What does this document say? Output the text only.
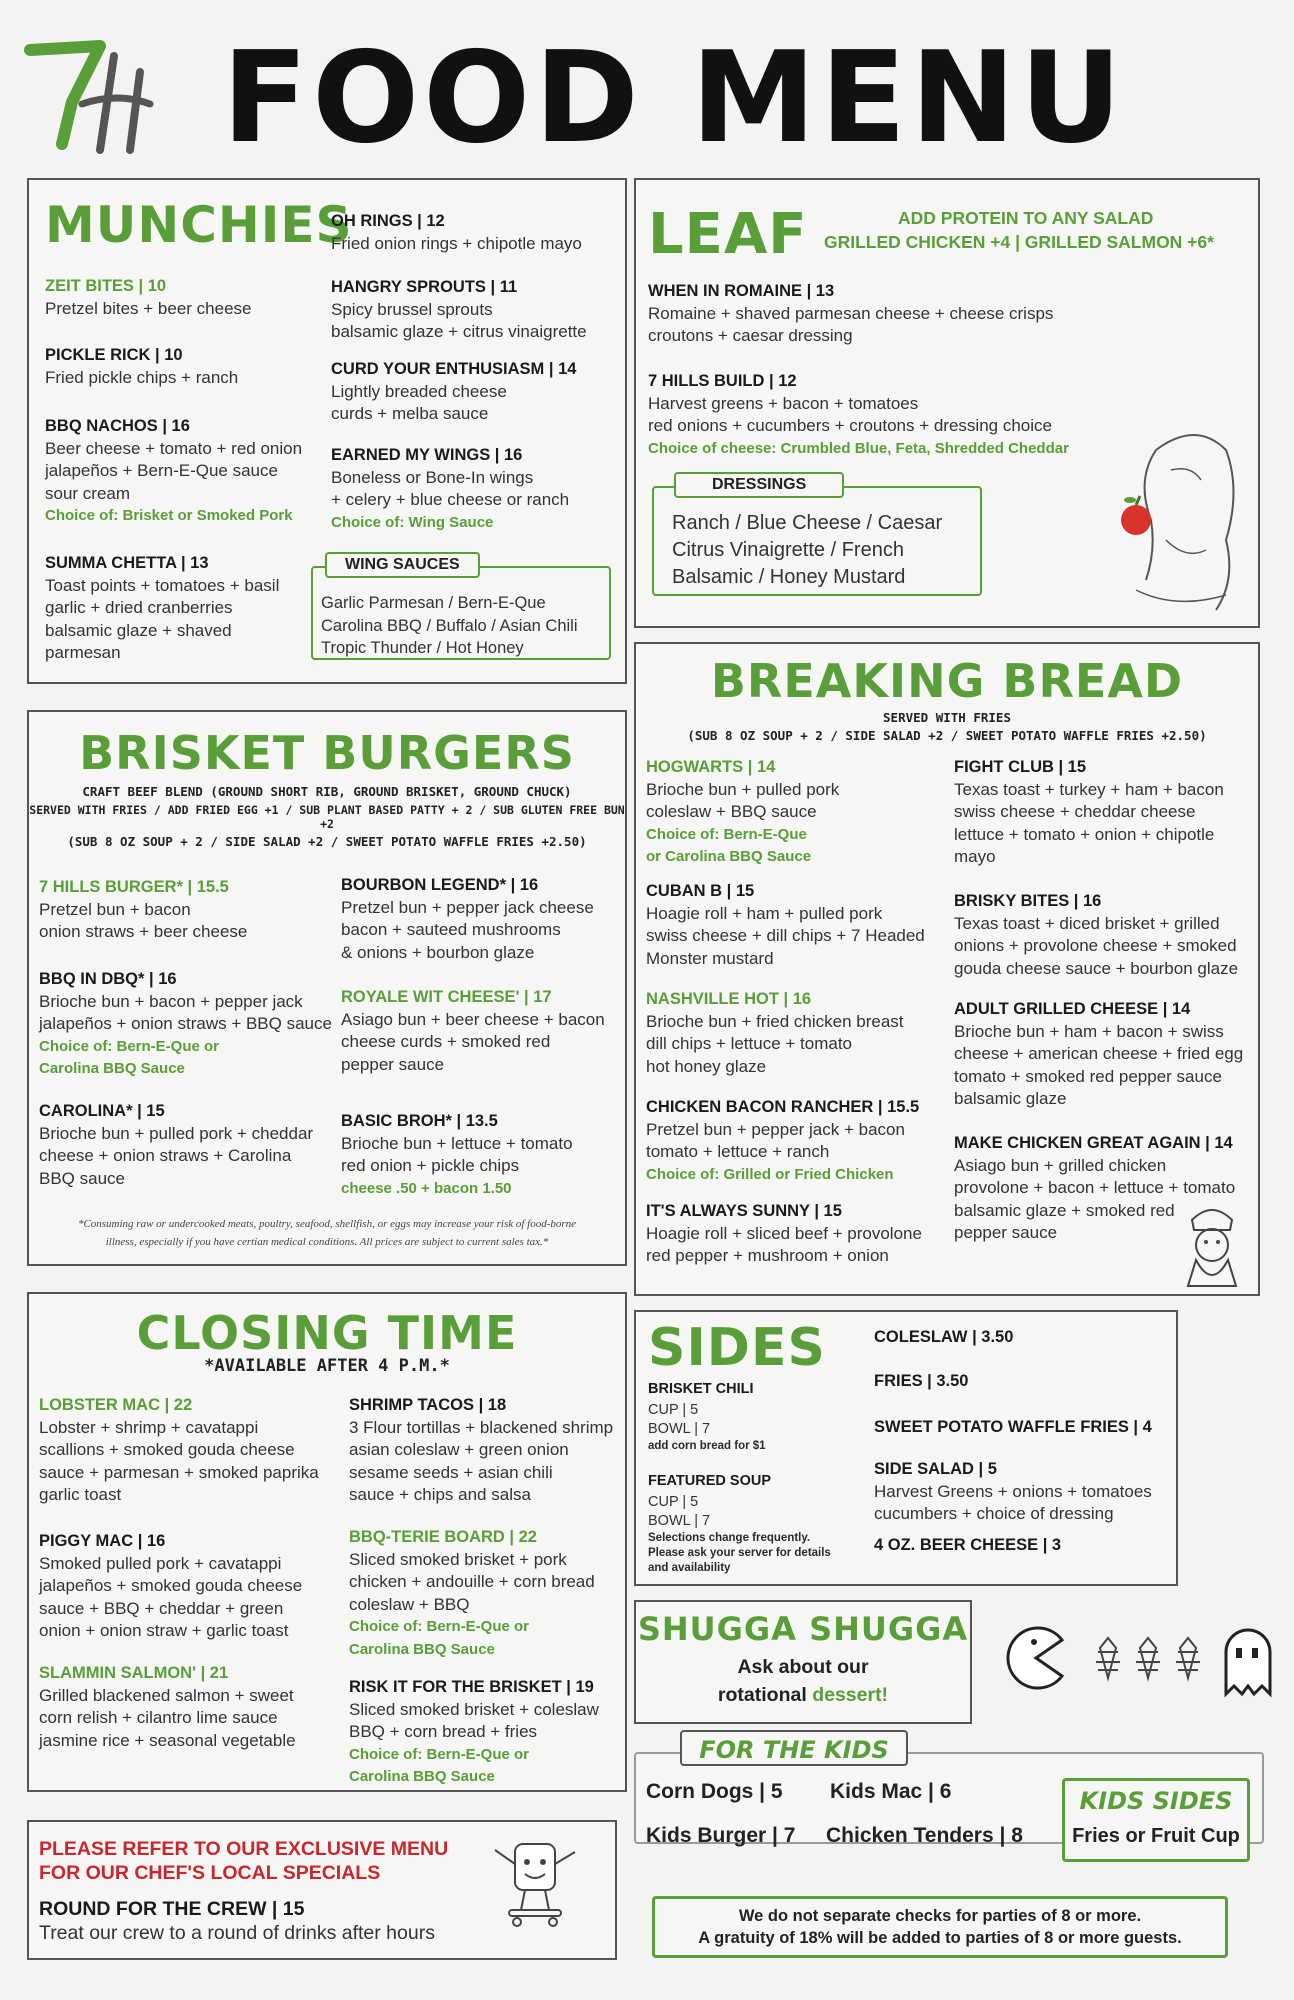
FOOD MENU
MUNCHIES
ZEIT BITES | 10
Pretzel bites + beer cheese
PICKLE RICK | 10
Fried pickle chips + ranch
BBQ NACHOS | 16
Beer cheese + tomato + red onion
jalapeños + Bern-E-Que sauce
sour cream
Choice of: Brisket or Smoked Pork
SUMMA CHETTA | 13
Toast points + tomatoes + basil
garlic + dried cranberries
balsamic glaze + shaved
parmesan
OH RINGS | 12
Fried onion rings + chipotle mayo
HANGRY SPROUTS | 11
Spicy brussel sprouts
balsamic glaze + citrus vinaigrette
CURD YOUR ENTHUSIASM | 14
Lightly breaded cheese
curds + melba sauce
EARNED MY WINGS | 16
Boneless or Bone-In wings
+ celery + blue cheese or ranch
Choice of: Wing Sauce
WING SAUCES
Garlic Parmesan / Bern-E-Que
Carolina BBQ / Buffalo / Asian Chili
Tropic Thunder / Hot Honey
LEAF	ADD PROTEIN TO ANY SALAD
GRILLED CHICKEN +4 | GRILLED SALMON +6*
WHEN IN ROMAINE | 13
Romaine + shaved parmesan cheese + cheese crisps
croutons + caesar dressing
7 HILLS BUILD | 12
Harvest greens + bacon + tomatoes
red onions + cucumbers + croutons + dressing choice
Choice of cheese: Crumbled Blue, Feta, Shredded Cheddar
DRESSINGS
Ranch / Blue Cheese / Caesar
Citrus Vinaigrette / French
Balsamic / Honey Mustard
BRISKET BURGERS
CRAFT BEEF BLEND (GROUND SHORT RIB, GROUND BRISKET, GROUND CHUCK)
SERVED WITH FRIES / ADD FRIED EGG +1 / SUB PLANT BASED PATTY + 2 / SUB GLUTEN FREE BUN +2
(SUB 8 OZ SOUP + 2 / SIDE SALAD +2 / SWEET POTATO WAFFLE FRIES +2.50)
7 HILLS BURGER* | 15.5
Pretzel bun + bacon
onion straws + beer cheese
BBQ IN DBQ* | 16
Brioche bun + bacon + pepper jack
jalapeños + onion straws + BBQ sauce
Choice of: Bern-E-Que or
Carolina BBQ Sauce
CAROLINA* | 15
Brioche bun + pulled pork + cheddar
cheese + onion straws + Carolina
BBQ sauce
BOURBON LEGEND* | 16
Pretzel bun + pepper jack cheese
bacon + sauteed mushrooms
& onions + bourbon glaze
ROYALE WIT CHEESE' | 17
Asiago bun + beer cheese + bacon
cheese curds + smoked red
pepper sauce
BASIC BROH* | 13.5
Brioche bun + lettuce + tomato
red onion + pickle chips
cheese .50 + bacon 1.50
*Consuming raw or undercooked meats, poultry, seafood, shellfish, or eggs may increase your risk of food-borne
illness, especially if you have certian medical conditions. All prices are subject to current sales tax.*
BREAKING BREAD
SERVED WITH FRIES
(SUB 8 OZ SOUP + 2 / SIDE SALAD +2 / SWEET POTATO WAFFLE FRIES +2.50)
HOGWARTS | 14
Brioche bun + pulled pork
coleslaw + BBQ sauce
Choice of: Bern-E-Que
or Carolina BBQ Sauce
CUBAN B | 15
Hoagie roll + ham + pulled pork
swiss cheese + dill chips + 7 Headed
Monster mustard
NASHVILLE HOT | 16
Brioche bun + fried chicken breast
dill chips + lettuce + tomato
hot honey glaze
CHICKEN BACON RANCHER | 15.5
Pretzel bun + pepper jack + bacon
tomato + lettuce + ranch
Choice of: Grilled or Fried Chicken
IT'S ALWAYS SUNNY | 15
Hoagie roll + sliced beef + provolone
red pepper + mushroom + onion
FIGHT CLUB | 15
Texas toast + turkey + ham + bacon
swiss cheese + cheddar cheese
lettuce + tomato + onion + chipotle
mayo
BRISKY BITES | 16
Texas toast + diced brisket + grilled
onions + provolone cheese + smoked
gouda cheese sauce + bourbon glaze
ADULT GRILLED CHEESE | 14
Brioche bun + ham + bacon + swiss
cheese + american cheese + fried egg
tomato + smoked red pepper sauce
balsamic glaze
MAKE CHICKEN GREAT AGAIN | 14
Asiago bun + grilled chicken
provolone + bacon + lettuce + tomato
balsamic glaze + smoked red
pepper sauce
CLOSING TIME
*AVAILABLE AFTER 4 P.M.*
LOBSTER MAC | 22
Lobster + shrimp + cavatappi
scallions + smoked gouda cheese
sauce + parmesan + smoked paprika
garlic toast
PIGGY MAC | 16
Smoked pulled pork + cavatappi
jalapeños + smoked gouda cheese
sauce + BBQ + cheddar + green
onion + onion straw + garlic toast
SLAMMIN SALMON' | 21
Grilled blackened salmon + sweet
corn relish + cilantro lime sauce
jasmine rice + seasonal vegetable
SHRIMP TACOS | 18
3 Flour tortillas + blackened shrimp
asian coleslaw + green onion
sesame seeds + asian chili
sauce + chips and salsa
BBQ-TERIE BOARD | 22
Sliced smoked brisket + pork
chicken + andouille + corn bread
coleslaw + BBQ
Choice of: Bern-E-Que or
Carolina BBQ Sauce
RISK IT FOR THE BRISKET | 19
Sliced smoked brisket + coleslaw
BBQ + corn bread + fries
Choice of: Bern-E-Que or
Carolina BBQ Sauce
SIDES
BRISKET CHILI
CUP | 5
BOWL | 7
add corn bread for $1
FEATURED SOUP
CUP | 5
BOWL | 7
Selections change frequently.
Please ask your server for details
and availability
COLESLAW | 3.50
FRIES | 3.50
SWEET POTATO WAFFLE FRIES | 4
SIDE SALAD | 5
Harvest Greens + onions + tomatoes
cucumbers + choice of dressing
4 OZ. BEER CHEESE | 3
SHUGGA SHUGGA
Ask about our
rotational dessert!
FOR THE KIDS
Corn Dogs | 5 Kids Mac | 6
Kids Burger | 7 Chicken Tenders | 8
KIDS SIDES
Fries or Fruit Cup
PLEASE REFER TO OUR EXCLUSIVE MENU
FOR OUR CHEF'S LOCAL SPECIALS
ROUND FOR THE CREW | 15
Treat our crew to a round of drinks after hours
We do not separate checks for parties of 8 or more.
A gratuity of 18% will be added to parties of 8 or more guests.
